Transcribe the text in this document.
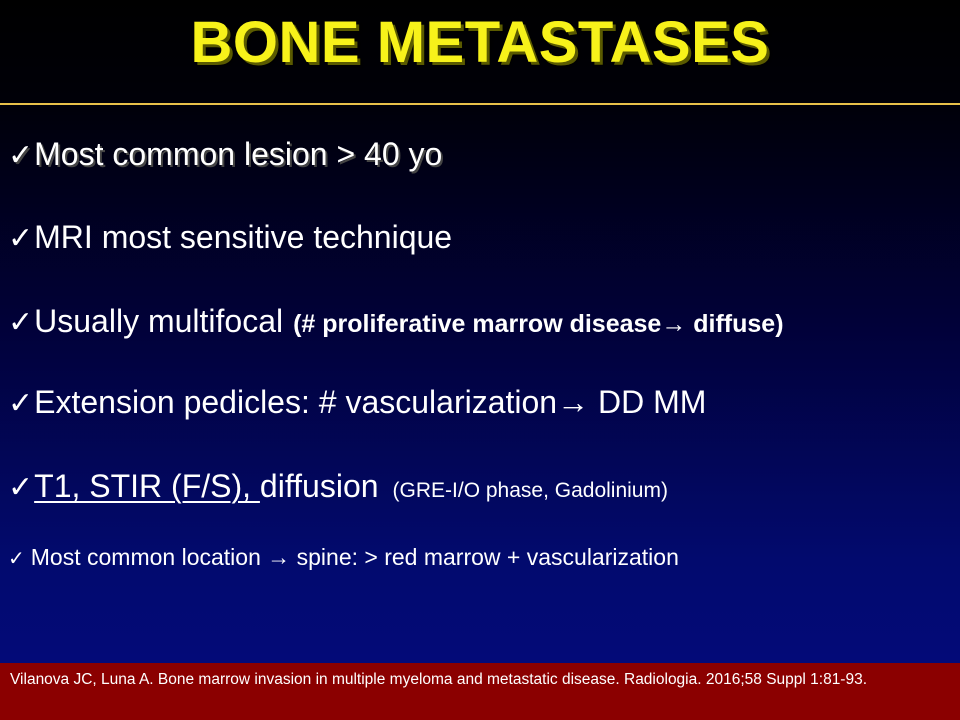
BONE METASTASES
✓Most common lesion > 40 yo
✓MRI most sensitive technique
✓Usually multifocal (# proliferative marrow disease→ diffuse)
✓Extension pedicles: # vascularization→ DD MM
✓T1, STIR (F/S), diffusion (GRE-I/O phase, Gadolinium)
✓ Most common location → spine: > red marrow + vascularization
Vilanova JC, Luna A. Bone marrow invasion in multiple myeloma and metastatic disease. Radiologia. 2016;58 Suppl 1:81-93.
